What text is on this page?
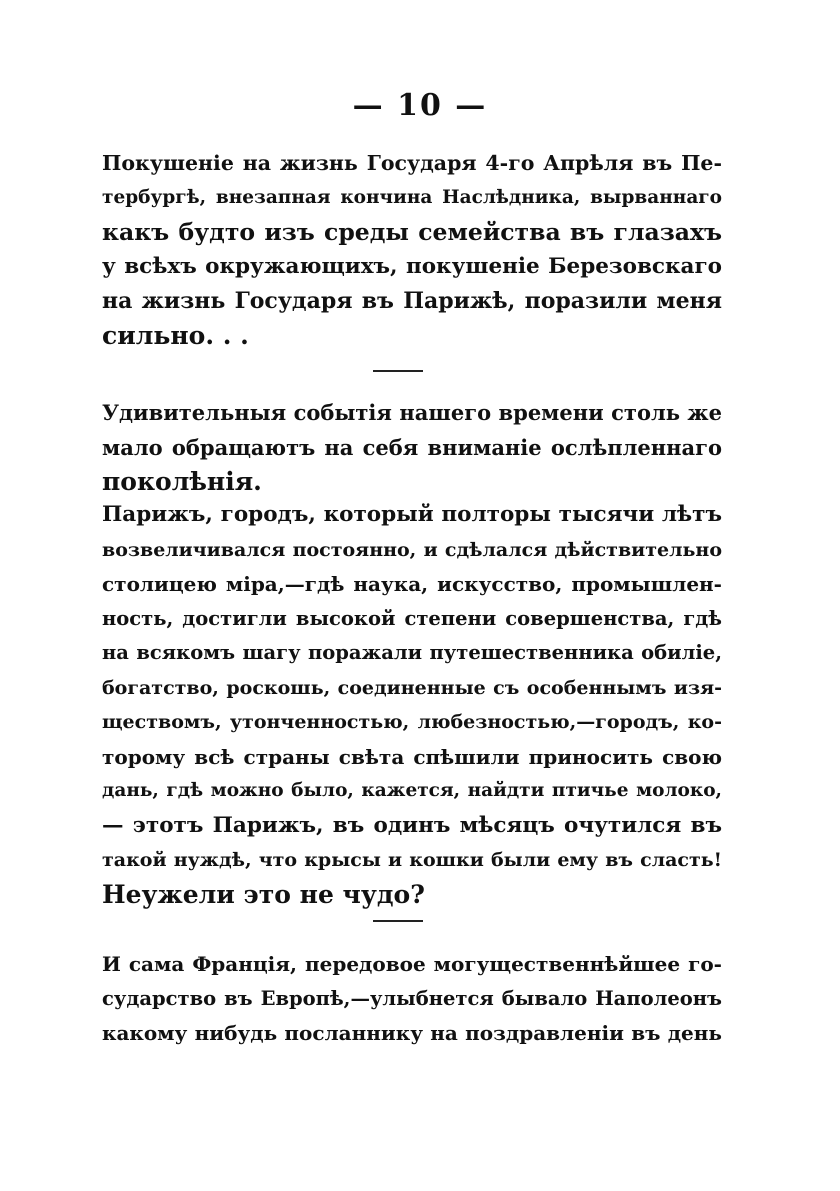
— 10 —
Покушеніе на жизнь Государя 4-го Апрѣля въ Пе-
тербургѣ, внезапная кончина Наслѣдника, вырваннаго
какъ будто изъ среды семейства въ глазахъ
у всѣхъ окружающихъ, покушеніе Березовскаго
на жизнь Государя въ Парижѣ, поразили меня
сильно. . .
Удивительныя событія нашего времени столь же
мало обращаютъ на себя вниманіе ослѣпленнаго
поколѣнія.
Парижъ, городъ, который полторы тысячи лѣтъ
возвеличивался постоянно, и сдѣлался дѣйствительно
столицею міра,—гдѣ наука, искусство, промышлен-
ность, достигли высокой степени совершенства, гдѣ
на всякомъ шагу поражали путешественника обиліе,
богатство, роскошь, соединенные съ особеннымъ изя-
ществомъ, утонченностью, любезностью,—городъ, ко-
торому всѣ страны свѣта спѣшили приносить свою
дань, гдѣ можно было, кажется, найдти птичье молоко,
— этотъ Парижъ, въ одинъ мѣсяцъ очутился въ
такой нуждѣ, что крысы и кошки были ему въ сласть!
Неужели это не чудо?
И сама Франція, передовое могущественнѣйшее го-
сударство въ Европѣ,—улыбнется бывало Наполеонъ
какому нибудь посланнику на поздравленіи въ день
